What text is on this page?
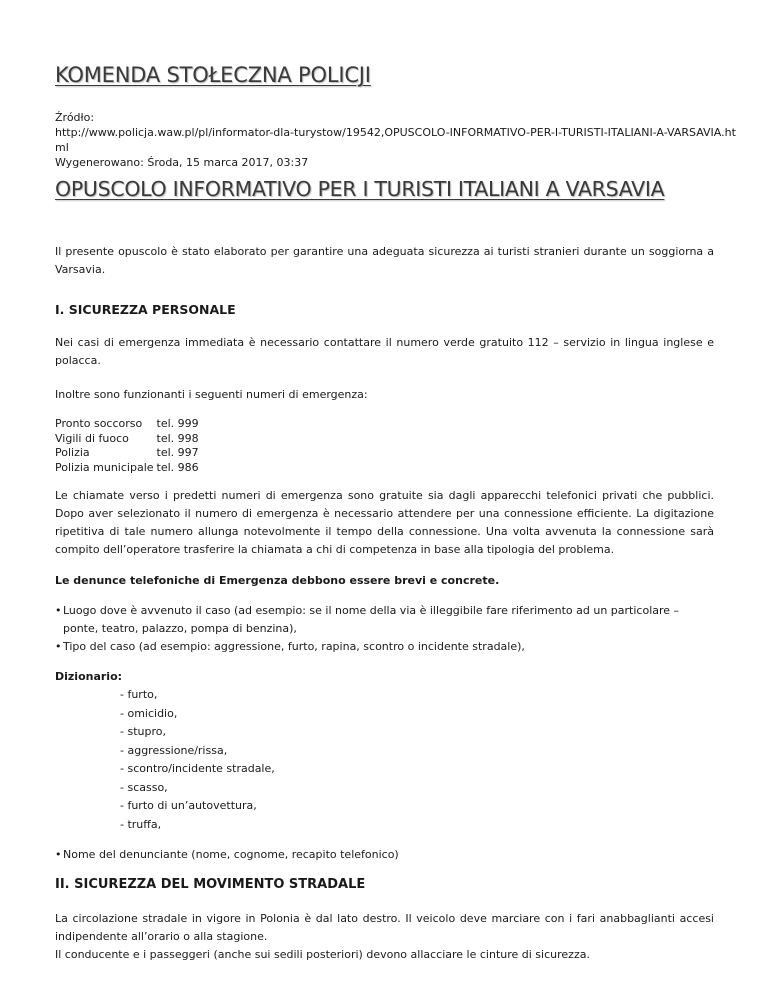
KOMENDA STOŁECZNA POLICJI
Źródło:
http://www.policja.waw.pl/pl/informator-dla-turystow/19542,OPUSCOLO-INFORMATIVO-PER-I-TURISTI-ITALIANI-A-VARSAVIA.ht
ml
Wygenerowano: Środa, 15 marca 2017, 03:37
OPUSCOLO INFORMATIVO PER I TURISTI ITALIANI A VARSAVIA

Il presente opuscolo è stato elaborato per garantire una adeguata sicurezza ai turisti stranieri durante un soggiorna a Varsavia.

I. SICUREZZA PERSONALE

Nei casi di emergenza immediata è necessario contattare il numero verde gratuito 112 – servizio in lingua inglese e polacca.

Inoltre sono funzionanti i seguenti numeri di emergenza:

Pronto soccorso	tel. 999
Vigili di fuoco	tel. 998
Polizia	tel. 997
Polizia municipale	tel. 986

Le chiamate verso i predetti numeri di emergenza sono gratuite sia dagli apparecchi telefonici privati che pubblici. Dopo aver selezionato il numero di emergenza è necessario attendere per una connessione efficiente. La digitazione ripetitiva di tale numero allunga notevolmente il tempo della connessione. Una volta avvenuta la connessione sarà compito dell’operatore trasferire la chiamata a chi di competenza in base alla tipologia del problema.

Le denunce telefoniche di Emergenza debbono essere brevi e concrete.

• Luogo dove è avvenuto il caso (ad esempio: se il nome della via è illeggibile fare riferimento ad un particolare – ponte, teatro, palazzo, pompa di benzina),
• Tipo del caso (ad esempio: aggressione, furto, rapina, scontro o incidente stradale),
Dizionario:
- furto,
- omicidio,
- stupro,
- aggressione/rissa,
- scontro/incidente stradale,
- scasso,
- furto di un’autovettura,
- truffa,
• Nome del denunciante (nome, cognome, recapito telefonico)
II. SICUREZZA DEL MOVIMENTO STRADALE

La circolazione stradale in vigore in Polonia è dal lato destro. Il veicolo deve marciare con i fari anabbaglianti accesi indipendente all’orario o alla stagione.

Il conducente e i passeggeri (anche sui sedili posteriori) devono allacciare le cinture di sicurezza.
